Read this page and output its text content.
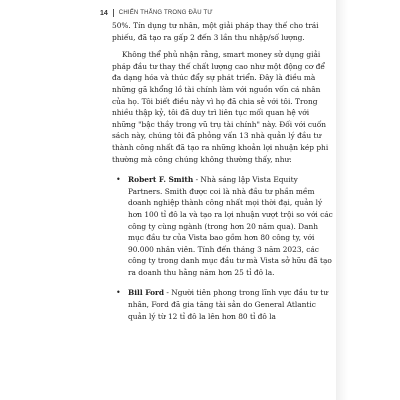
14 CHIẾN THẮNG TRONG ĐẦU TƯ

50%. Tín dụng tư nhân, một giải pháp thay thế cho trái phiếu, đã tạo ra gấp 2 đến 3 lần thu nhập/số lượng.

Không thể phủ nhận rằng, smart money sử dụng giải pháp đầu tư thay thế chất lượng cao như một động cơ để đa dạng hóa và thúc đẩy sự phát triển. Đây là điều mà những gã khổng lồ tài chính làm với nguồn vốn cá nhân của họ. Tôi biết điều này vì họ đã chia sẻ với tôi. Trong nhiều thập kỷ, tôi đã duy trì liên tục mối quan hệ với những "bậc thầy trong vũ trụ tài chính" này. Đối với cuốn sách này, chúng tôi đã phỏng vấn 13 nhà quản lý đầu tư thành công nhất đã tạo ra những khoản lợi nhuận kép phi thường mà công chúng không thường thấy, như:

• Robert F. Smith - Nhà sáng lập Vista Equity Partners. Smith được coi là nhà đầu tư phần mềm doanh nghiệp thành công nhất mọi thời đại, quản lý hơn 100 tỉ đô la và tạo ra lợi nhuận vượt trội so với các công ty cùng ngành (trong hơn 20 năm qua). Danh mục đầu tư của Vista bao gồm hơn 80 công ty, với 90.000 nhân viên. Tính đến tháng 3 năm 2023, các công ty trong danh mục đầu tư mà Vista sở hữu đã tạo ra doanh thu hằng năm hơn 25 tỉ đô la.
• Bill Ford - Người tiên phong trong lĩnh vực đầu tư tư nhân, Ford đã gia tăng tài sản do General Atlantic quản lý từ 12 tỉ đô la lên hơn 80 tỉ đô la
